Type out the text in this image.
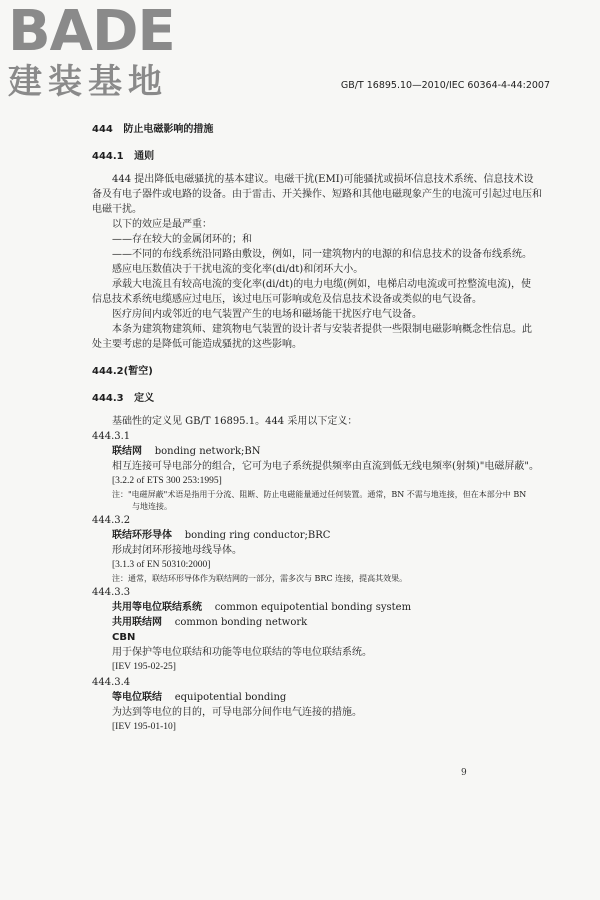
BADE
建装基地	GB/T 16895.10—2010/IEC 60364-4-44:2007
444 防止电磁影响的措施
444.1 通则
444 提出降低电磁骚扰的基本建议。电磁干扰(EMI)可能骚扰或损坏信息技术系统、信息技术设
备及有电子器件或电路的设备。由于雷击、开关操作、短路和其他电磁现象产生的电流可引起过电压和
电磁干扰。
以下的效应是最严重：
——存在较大的金属闭环的；和
——不同的布线系统沿同路由敷设，例如，同一建筑物内的电源的和信息技术的设备布线系统。
感应电压数值决于干扰电流的变化率(di/dt)和闭环大小。
承载大电流且有较高电流的变化率(di/dt)的电力电缆(例如，电梯启动电流或可控整流电流)，使
信息技术系统电缆感应过电压，该过电压可影响或危及信息技术设备或类似的电气设备。
医疗房间内或邻近的电气装置产生的电场和磁场能干扰医疗电气设备。
本条为建筑物建筑师、建筑物电气装置的设计者与安装者提供一些限制电磁影响概念性信息。此
处主要考虑的是降低可能造成骚扰的这些影响。
444.2(暂空)
444.3 定义
基础性的定义见 GB/T 16895.1。444 采用以下定义：
444.3.1
联结网 bonding network;BN
相互连接可导电部分的组合，它可为电子系统提供频率由直流到低无线电频率(射频)"电磁屏蔽"。
[3.2.2 of ETS 300 253:1995]
注："电磁屏蔽"术语是指用于分流、阻断、防止电磁能量通过任何装置。通常，BN 不需与地连接，但在本部分中 BN
与地连接。
444.3.2
联结环形导体 bonding ring conductor;BRC
形成封闭环形接地母线导体。
[3.1.3 of EN 50310:2000]
注：通常，联结环形导体作为联结网的一部分，需多次与 BRC 连接，提高其效果。
444.3.3
共用等电位联结系统 common equipotential bonding system
共用联结网 common bonding network
CBN
用于保护等电位联结和功能等电位联结的等电位联结系统。
[IEV 195-02-25]
444.3.4
等电位联结 equipotential bonding
为达到等电位的目的，可导电部分间作电气连接的措施。
[IEV 195-01-10]
9
